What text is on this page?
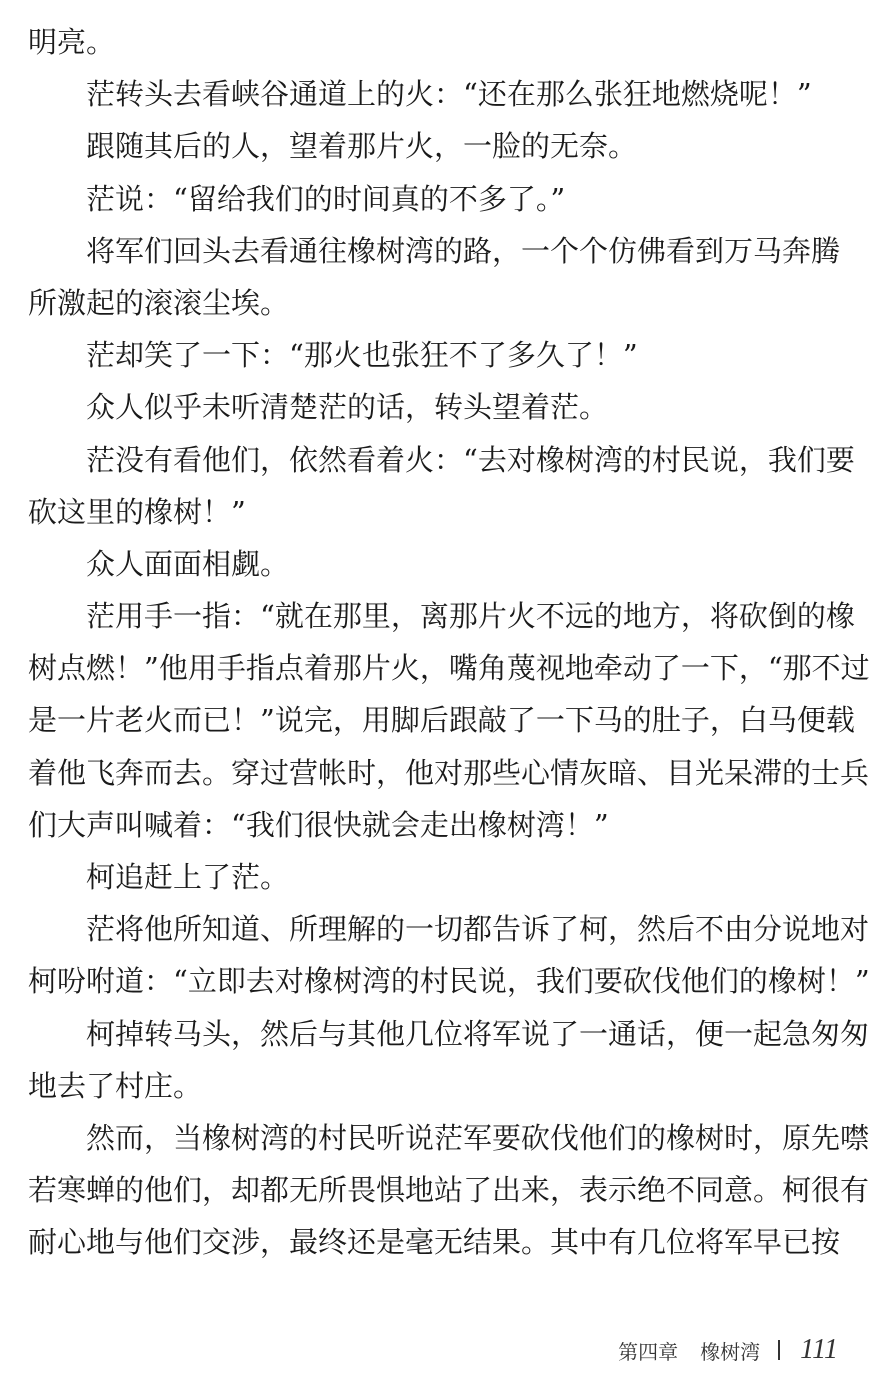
明亮。
茫转头去看峡谷通道上的火：“还在那么张狂地燃烧呢！”
跟随其后的人，望着那片火，一脸的无奈。
茫说：“留给我们的时间真的不多了。”
将军们回头去看通往橡树湾的路，一个个仿佛看到万马奔腾
所激起的滚滚尘埃。
茫却笑了一下：“那火也张狂不了多久了！”
众人似乎未听清楚茫的话，转头望着茫。
茫没有看他们，依然看着火：“去对橡树湾的村民说，我们要
砍这里的橡树！”
众人面面相觑。
茫用手一指：“就在那里，离那片火不远的地方，将砍倒的橡
树点燃！”他用手指点着那片火，嘴角蔑视地牵动了一下，“那不过
是一片老火而已！”说完，用脚后跟敲了一下马的肚子，白马便载
着他飞奔而去。穿过营帐时，他对那些心情灰暗、目光呆滞的士兵
们大声叫喊着：“我们很快就会走出橡树湾！”
柯追赶上了茫。
茫将他所知道、所理解的一切都告诉了柯，然后不由分说地对
柯吩咐道：“立即去对橡树湾的村民说，我们要砍伐他们的橡树！”
柯掉转马头，然后与其他几位将军说了一通话，便一起急匆匆
地去了村庄。
然而，当橡树湾的村民听说茫军要砍伐他们的橡树时，原先噤
若寒蝉的他们，却都无所畏惧地站了出来，表示绝不同意。柯很有
耐心地与他们交涉，最终还是毫无结果。其中有几位将军早已按
第四章 橡树湾 111
